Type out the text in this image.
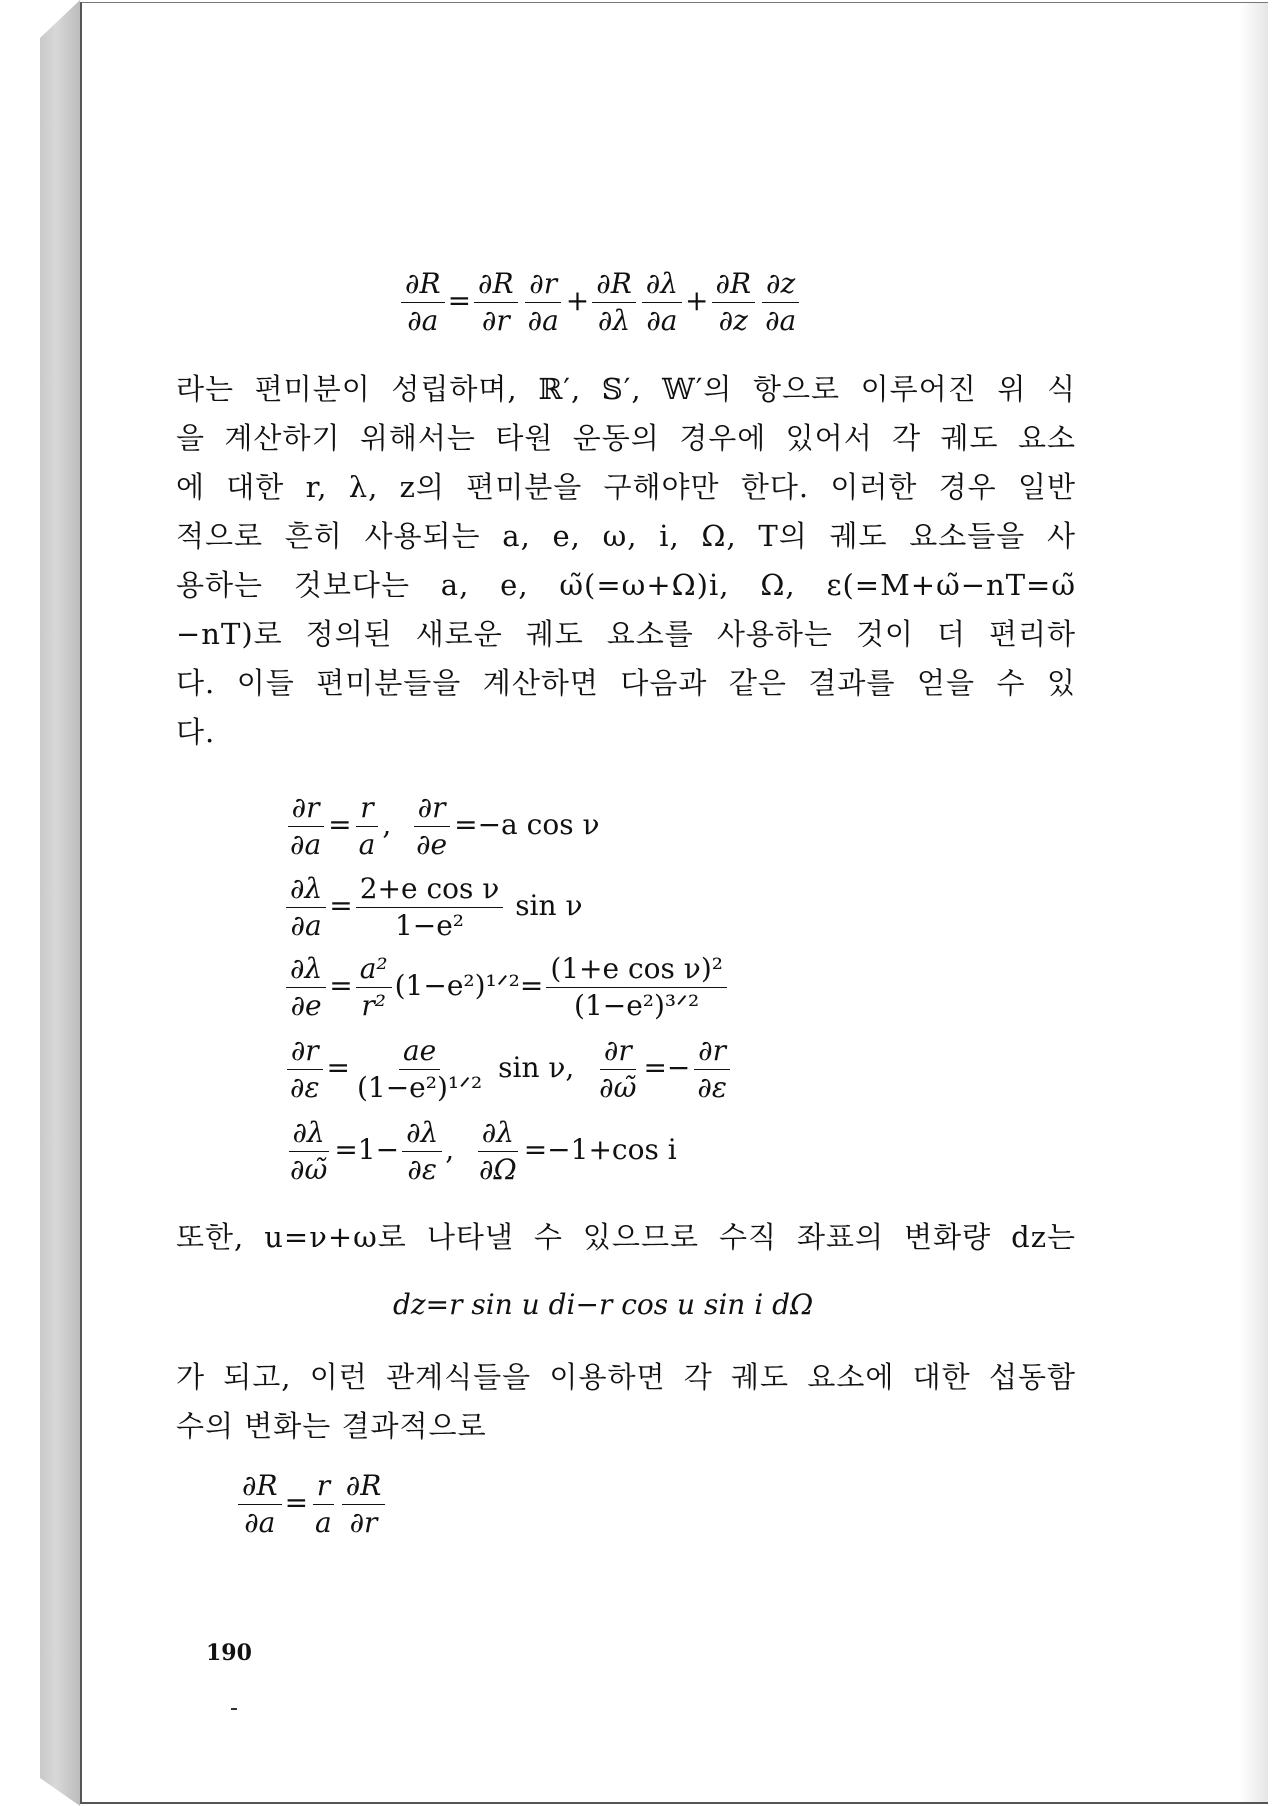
$\frac{\partial R}{\partial a} = \frac{\partial R}{\partial r} \frac{\partial r}{\partial a} + \frac{\partial R}{\partial\lambda} \frac{\partial\lambda}{\partial a} + \frac{\partial R}{\partial z} \frac{\partial z}{\partial a}$
라는 편미분이 성립하며, ℝ′, 𝕊′, 𝕎′의 항으로 이루어진 위 식
을 계산하기 위해서는 타원 운동의 경우에 있어서 각 궤도 요소
에 대한 r, λ, z의 편미분을 구해야만 한다. 이러한 경우 일반
적으로 흔히 사용되는 a, e, ω, i, Ω, T의 궤도 요소들을 사
용하는 것보다는 a, e, ω̃(=ω+Ω)i, Ω, ε(=M+ω̃−nT=ω̃
−nT)로 정의된 새로운 궤도 요소를 사용하는 것이 더 편리하
다. 이들 편미분들을 계산하면 다음과 같은 결과를 얻을 수 있
다.
$\frac{\partial r}{\partial a} = \frac{r}{a}$ , $\frac{\partial r}{\partial e} =-a$ cos ν
$\frac{\partial\lambda}{\partial a} = \frac{\text{2+e cos ν}}{\text{1−e²}}$ sin ν
$\frac{\partial\lambda}{\partial e} = \frac{\text{a²}}{\text{r²}}$ (1−e²)¹ᐟ²= $\frac{\text{(1+e cos ν)²}}{\text{(1−e²)³ᐟ²}}$
$\frac{\partial r}{\partial\varepsilon} = \frac{ae}{\text{(1−e²)¹ᐟ²}}$ sin ν, $\frac{\partial r}{\partial\omegã} =- \frac{\partial r}{\partial\varepsilon}$
$\frac{\partial\lambda}{\partial\omegã} =1- \frac{\partial\lambda}{\partial\varepsilon}$ , $\frac{\partial\lambda}{\partial\Omega} =-1+\cos$ i
또한, u=ν+ω로 나타낼 수 있으므로 수직 좌표의 변화량 dz는
dz=r sin u di−r cos u sin i dΩ
가 되고, 이런 관계식들을 이용하면 각 궤도 요소에 대한 섭동함
수의 변화는 결과적으로
$\frac{\partial R}{\partial a} = \frac{r}{a} \frac{\partial R}{\partial r}$
190
